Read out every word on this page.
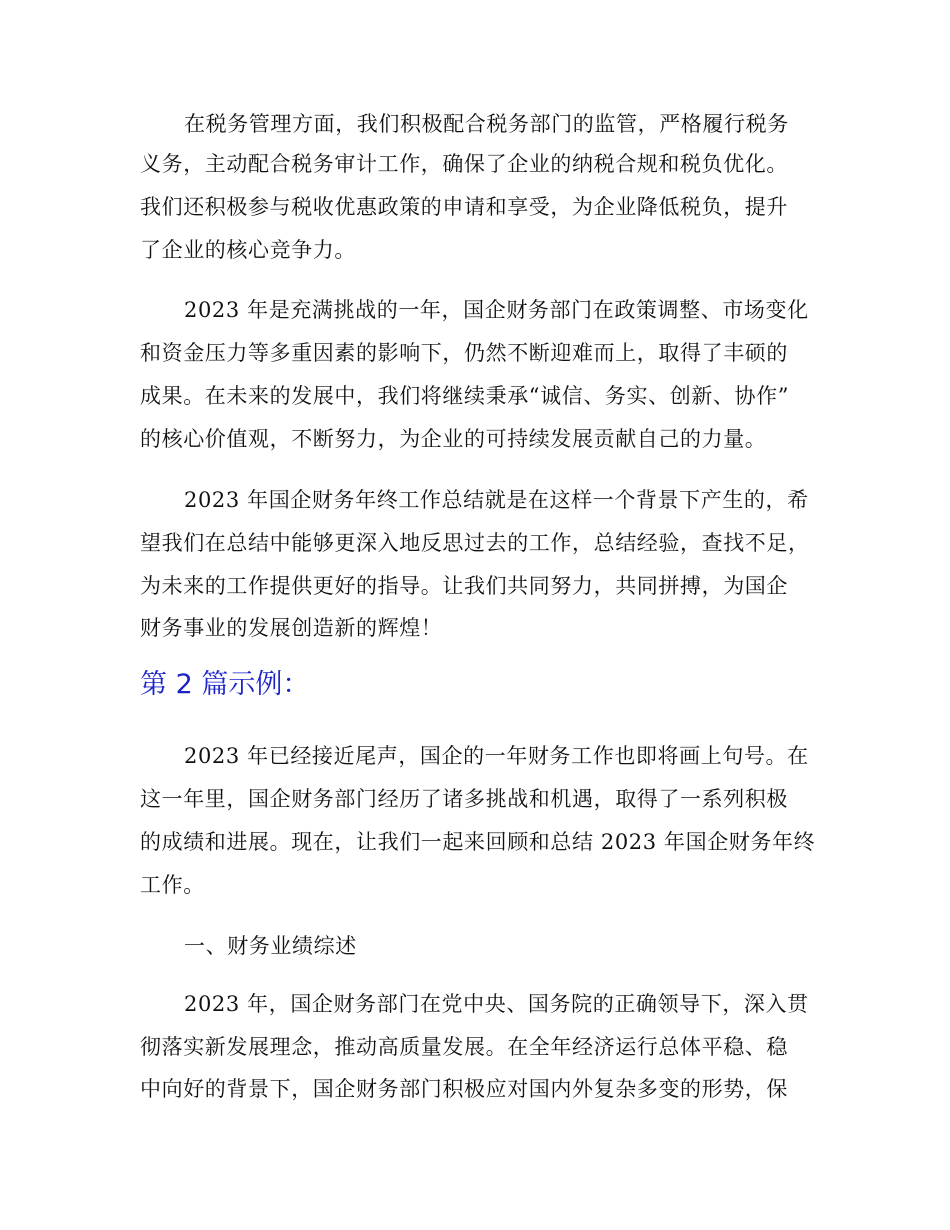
在税务管理方面，我们积极配合税务部门的监管，严格履行税务
义务，主动配合税务审计工作，确保了企业的纳税合规和税负优化。
我们还积极参与税收优惠政策的申请和享受，为企业降低税负，提升
了企业的核心竞争力。
2023 年是充满挑战的一年，国企财务部门在政策调整、市场变化
和资金压力等多重因素的影响下，仍然不断迎难而上，取得了丰硕的
成果。在未来的发展中，我们将继续秉承“诚信、务实、创新、协作”
的核心价值观，不断努力，为企业的可持续发展贡献自己的力量。
2023 年国企财务年终工作总结就是在这样一个背景下产生的，希
望我们在总结中能够更深入地反思过去的工作，总结经验，查找不足，
为未来的工作提供更好的指导。让我们共同努力，共同拼搏，为国企
财务事业的发展创造新的辉煌！
第 2 篇示例：
2023 年已经接近尾声，国企的一年财务工作也即将画上句号。在
这一年里，国企财务部门经历了诸多挑战和机遇，取得了一系列积极
的成绩和进展。现在，让我们一起来回顾和总结 2023 年国企财务年终
工作。
一、财务业绩综述
2023 年，国企财务部门在党中央、国务院的正确领导下，深入贯
彻落实新发展理念，推动高质量发展。在全年经济运行总体平稳、稳
中向好的背景下，国企财务部门积极应对国内外复杂多变的形势，保
